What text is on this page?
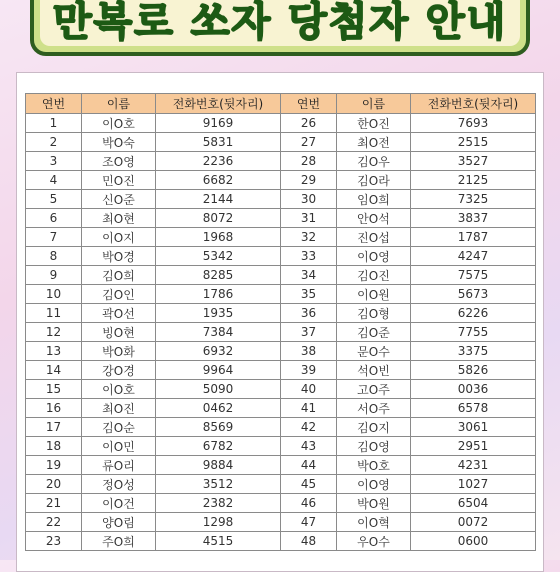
만복로 쏘자 당첨자 안내
연번	이름	전화번호(뒷자리)	연번	이름	전화번호(뒷자리)
1	이O호	9169	26	한O진	7693
2	박O숙	5831	27	최O전	2515
3	조O영	2236	28	김O우	3527
4	민O진	6682	29	김O라	2125
5	신O준	2144	30	임O희	7325
6	최O현	8072	31	안O석	3837
7	이O지	1968	32	진O섭	1787
8	박O경	5342	33	이O영	4247
9	김O희	8285	34	김O진	7575
10	김O인	1786	35	이O원	5673
11	곽O선	1935	36	김O형	6226
12	빙O현	7384	37	김O준	7755
13	박O화	6932	38	문O수	3375
14	강O경	9964	39	석O빈	5826
15	이O호	5090	40	고O주	0036
16	최O진	0462	41	서O주	6578
17	김O순	8569	42	김O지	3061
18	이O민	6782	43	김O영	2951
19	류O리	9884	44	박O호	4231
20	정O성	3512	45	이O영	1027
21	이O건	2382	46	박O원	6504
22	양O림	1298	47	이O혁	0072
23	주O희	4515	48	우O수	0600
